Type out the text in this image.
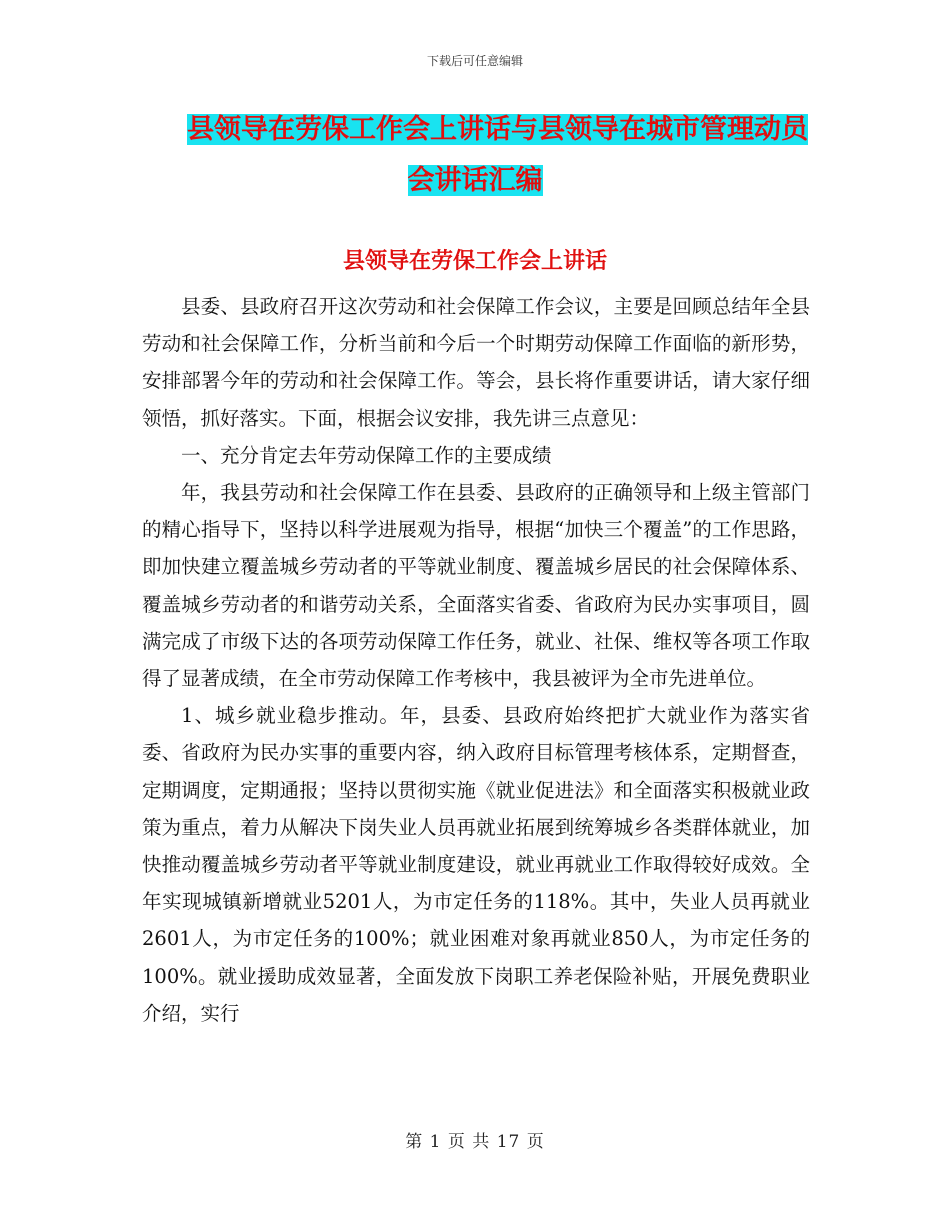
下载后可任意编辑
县领导在劳保工作会上讲话与县领导在城市管理动员
会讲话汇编
县领导在劳保工作会上讲话

县委、县政府召开这次劳动和社会保障工作会议，主要是回顾总结年全县劳动和社会保障工作，分析当前和今后一个时期劳动保障工作面临的新形势，安排部署今年的劳动和社会保障工作。等会，县长将作重要讲话，请大家仔细领悟，抓好落实。下面，根据会议安排，我先讲三点意见：

一、充分肯定去年劳动保障工作的主要成绩

年，我县劳动和社会保障工作在县委、县政府的正确领导和上级主管部门的精心指导下，坚持以科学进展观为指导，根据“加快三个覆盖”的工作思路，即加快建立覆盖城乡劳动者的平等就业制度、覆盖城乡居民的社会保障体系、覆盖城乡劳动者的和谐劳动关系，全面落实省委、省政府为民办实事项目，圆满完成了市级下达的各项劳动保障工作任务，就业、社保、维权等各项工作取得了显著成绩，在全市劳动保障工作考核中，我县被评为全市先进单位。

1、城乡就业稳步推动。年，县委、县政府始终把扩大就业作为落实省委、省政府为民办实事的重要内容，纳入政府目标管理考核体系，定期督查，定期调度，定期通报；坚持以贯彻实施《就业促进法》和全面落实积极就业政策为重点，着力从解决下岗失业人员再就业拓展到统筹城乡各类群体就业，加快推动覆盖城乡劳动者平等就业制度建设，就业再就业工作取得较好成效。全年实现城镇新增就业5201人，为市定任务的118%。其中，失业人员再就业2601人，为市定任务的100%；就业困难对象再就业850人，为市定任务的100%。就业援助成效显著，全面发放下岗职工养老保险补贴，开展免费职业介绍，实行

第 1 页 共 17 页
